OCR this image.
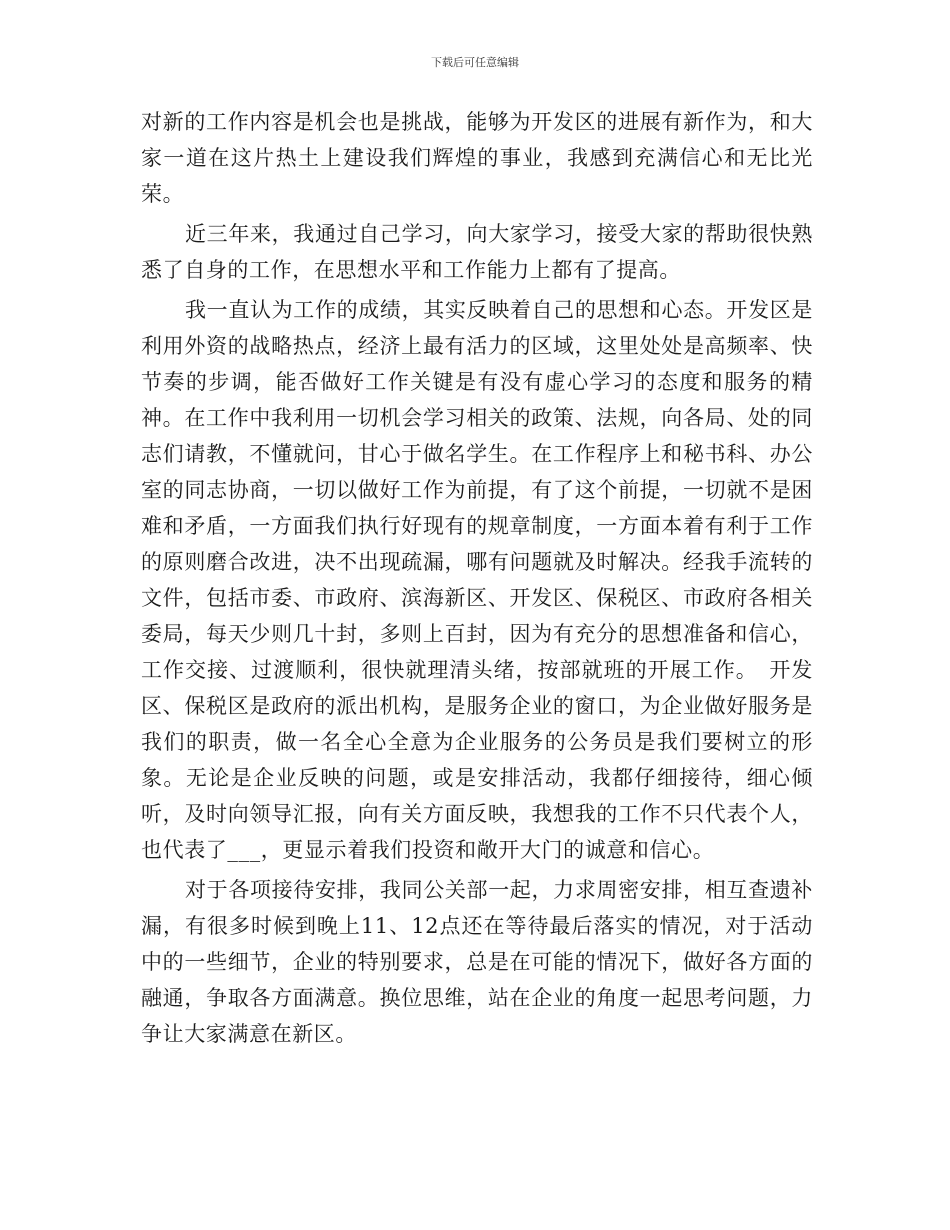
下载后可任意编辑

对新的工作内容是机会也是挑战，能够为开发区的进展有新作为，和大家一道在这片热土上建设我们辉煌的事业，我感到充满信心和无比光荣。

近三年来，我通过自己学习，向大家学习，接受大家的帮助很快熟悉了自身的工作，在思想水平和工作能力上都有了提高。

我一直认为工作的成绩，其实反映着自己的思想和心态。开发区是利用外资的战略热点，经济上最有活力的区域，这里处处是高频率、快节奏的步调，能否做好工作关键是有没有虚心学习的态度和服务的精神。在工作中我利用一切机会学习相关的政策、法规，向各局、处的同志们请教，不懂就问，甘心于做名学生。在工作程序上和秘书科、办公室的同志协商，一切以做好工作为前提，有了这个前提，一切就不是困难和矛盾，一方面我们执行好现有的规章制度，一方面本着有利于工作的原则磨合改进，决不出现疏漏，哪有问题就及时解决。经我手流转的文件，包括市委、市政府、滨海新区、开发区、保税区、市政府各相关委局，每天少则几十封，多则上百封，因为有充分的思想准备和信心，工作交接、过渡顺利，很快就理清头绪，按部就班的开展工作。　开发区、保税区是政府的派出机构，是服务企业的窗口，为企业做好服务是我们的职责，做一名全心全意为企业服务的公务员是我们要树立的形象。无论是企业反映的问题，或是安排活动，我都仔细接待，细心倾听，及时向领导汇报，向有关方面反映，我想我的工作不只代表个人，也代表了___，更显示着我们投资和敞开大门的诚意和信心。

对于各项接待安排，我同公关部一起，力求周密安排，相互查遗补漏，有很多时候到晚上11、12点还在等待最后落实的情况，对于活动中的一些细节，企业的特别要求，总是在可能的情况下，做好各方面的融通，争取各方面满意。换位思维，站在企业的角度一起思考问题，力争让大家满意在新区。
